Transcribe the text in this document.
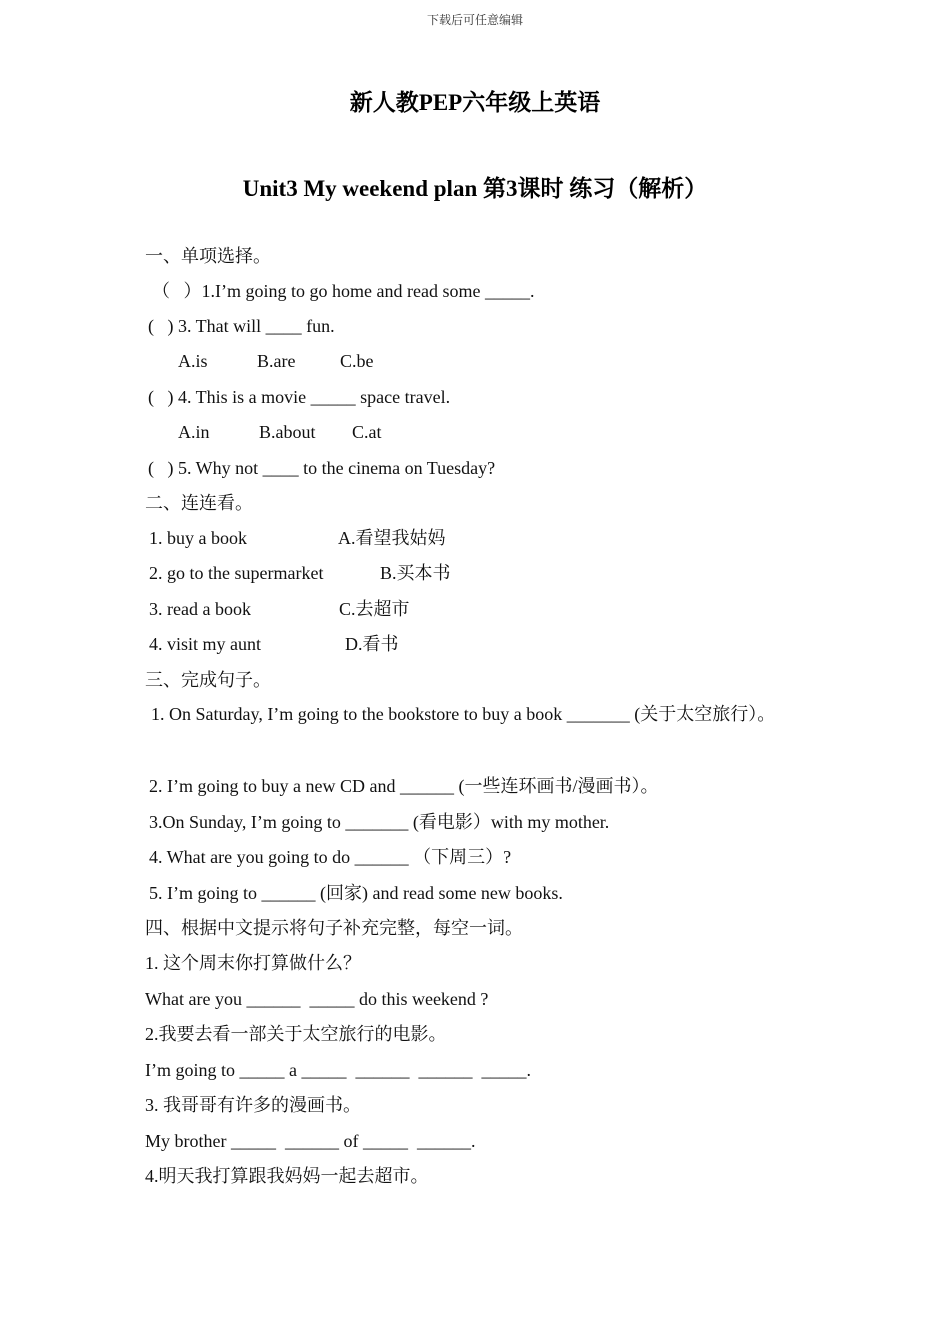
下载后可任意编辑
新人教PEP六年级上英语
Unit3 My weekend plan 第3课时 练习（解析）
一、单项选择。
（   ）1.I’m going to go home and read some _____.
(   ) 3. That will ____ fun.
A.is	B.are C.be
(   ) 4. This is a movie _____ space travel.
A.in	B.about C.at
(   ) 5. Why not ____ to the cinema on Tuesday?
二、连连看。
1. buy a book	A.看望我姑妈
2. go to the supermarket	B.买本书
3. read a book	C.去超市
4. visit my aunt	D.看书
三、完成句子。
1. On Saturday, I’m going to the bookstore to buy a book _______ (关于太空旅行）。
2. I’m going to buy a new CD and ______ (一些连环画书/漫画书）。
3.On Sunday, I’m going to _______ (看电影）with my mother.
4. What are you going to do ______ （下周三）?
5. I’m going to ______ (回家) and read some new books.
四、根据中文提示将句子补充完整，每空一词。
1. 这个周末你打算做什么？
What are you ______  _____ do this weekend ?
2.我要去看一部关于太空旅行的电影。
I’m going to _____ a _____  ______  ______  _____.
3. 我哥哥有许多的漫画书。
My brother _____  ______ of _____  ______.
4.明天我打算跟我妈妈一起去超市。
